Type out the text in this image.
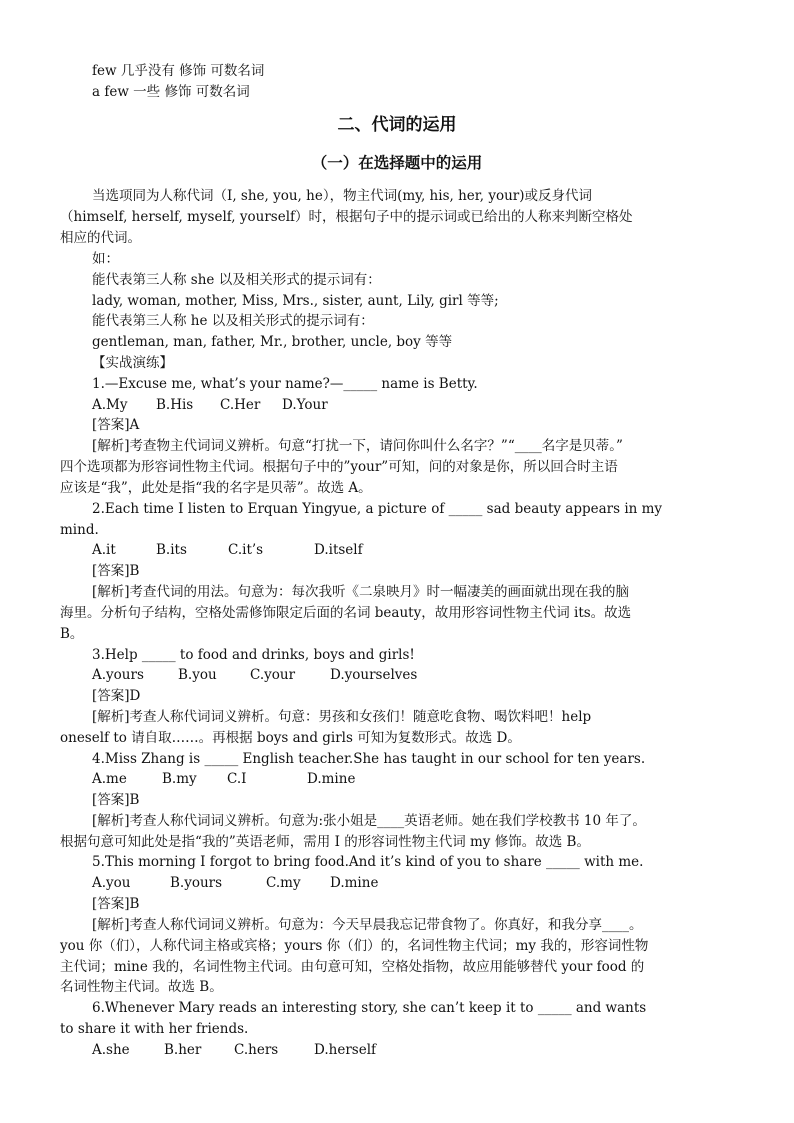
few 几乎没有 修饰 可数名词
a few 一些 修饰 可数名词
二、代词的运用
（一）在选择题中的运用
当选项同为人称代词（I, she, you, he），物主代词(my, his, her, your)或反身代词
（himself, herself, myself, yourself）时，根据句子中的提示词或已给出的人称来判断空格处
相应的代词。
如：
能代表第三人称 she 以及相关形式的提示词有：
lady, woman, mother, Miss, Mrs., sister, aunt, Lily, girl 等等;
能代表第三人称 he 以及相关形式的提示词有：
gentleman, man, father, Mr., brother, uncle, boy 等等
【实战演练】
1.—Excuse me, what’s your name?—_____ name is Betty.
A.My B.His C.Her D.Your
[答案]A
[解析]考查物主代词词义辨析。句意“打扰一下，请问你叫什么名字？”“____名字是贝蒂。”
四个选项都为形容词性物主代词。根据句子中的”your”可知，问的对象是你，所以回合时主语
应该是“我”，此处是指“我的名字是贝蒂”。故选 A。
2.Each time I listen to Erquan Yingyue, a picture of _____ sad beauty appears in my
mind.
A.it	B.its	C.it’s	D.itself
[答案]B
[解析]考查代词的用法。句意为：每次我听《二泉映月》时一幅凄美的画面就出现在我的脑
海里。分析句子结构，空格处需修饰限定后面的名词 beauty，故用形容词性物主代词 its。故选
B。
3.Help _____ to food and drinks, boys and girls!
A.yours	B.you C.your	D.yourselves
[答案]D
[解析]考查人称代词词义辨析。句意：男孩和女孩们！随意吃食物、喝饮料吧！help
oneself to 请自取……。再根据 boys and girls 可知为复数形式。故选 D。
4.Miss Zhang is _____ English teacher.She has taught in our school for ten years.
A.me	B.my C.I	D.mine
[答案]B
[解析]考查人称代词词义辨析。句意为:张小姐是____英语老师。她在我们学校教书 10 年了。
根据句意可知此处是指“我的”英语老师，需用 I 的形容词性物主代词 my 修饰。故选 B。
5.This morning I forgot to bring food.And it’s kind of you to share _____ with me.
A.you	B.yours	C.my D.mine
[答案]B
[解析]考查人称代词词义辨析。句意为：今天早晨我忘记带食物了。你真好，和我分享____。
you 你（们），人称代词主格或宾格；yours 你（们）的，名词性物主代词；my 我的，形容词性物
主代词；mine 我的，名词性物主代词。由句意可知，空格处指物，故应用能够替代 your food 的
名词性物主代词。故选 B。
6.Whenever Mary reads an interesting story, she can’t keep it to _____ and wants
to share it with her friends.
A.she	B.her C.hers	D.herself
